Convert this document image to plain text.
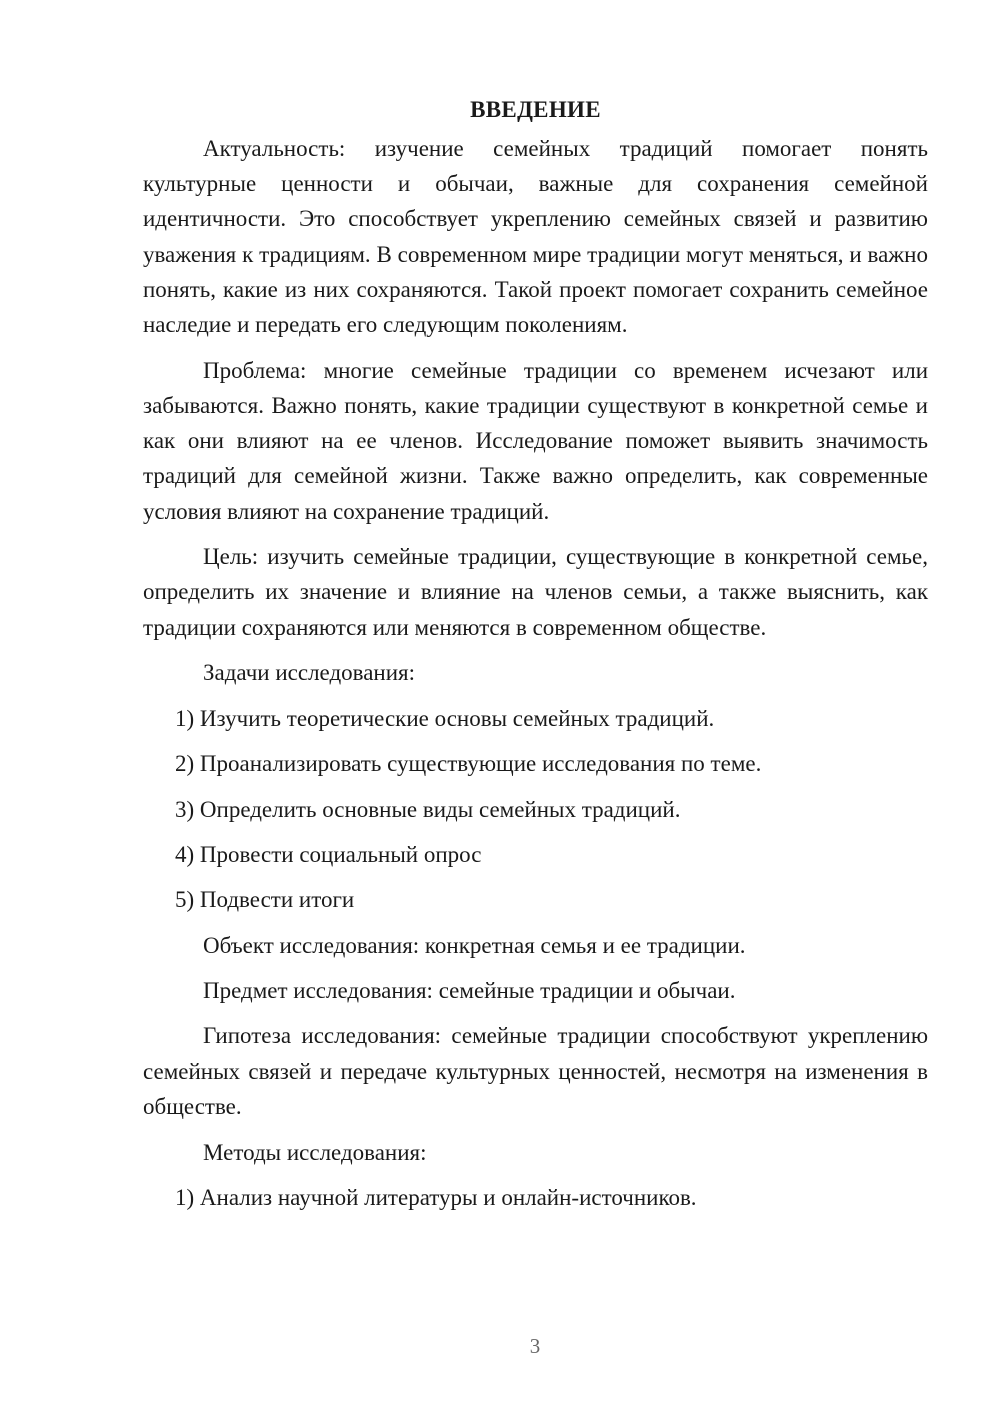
ВВЕДЕНИЕ

Актуальность: изучение семейных традиций помогает понять культурные ценности и обычаи, важные для сохранения семейной идентичности. Это способствует укреплению семейных связей и развитию уважения к традициям. В современном мире традиции могут меняться, и важно понять, какие из них сохраняются. Такой проект помогает сохранить семейное наследие и передать его следующим поколениям.

Проблема: многие семейные традиции со временем исчезают или забываются. Важно понять, какие традиции существуют в конкретной семье и как они влияют на ее членов. Исследование поможет выявить значимость традиций для семейной жизни. Также важно определить, как современные условия влияют на сохранение традиций.

Цель: изучить семейные традиции, существующие в конкретной семье, определить их значение и влияние на членов семьи, а также выяснить, как традиции сохраняются или меняются в современном обществе.

Задачи исследования:
1) Изучить теоретические основы семейных традиций.
2) Проанализировать существующие исследования по теме.
3) Определить основные виды семейных традиций.
4) Провести социальный опрос
5) Подвести итоги
Объект исследования: конкретная семья и ее традиции.
Предмет исследования: семейные традиции и обычаи.

Гипотеза исследования: семейные традиции способствуют укреплению семейных связей и передаче культурных ценностей, несмотря на изменения в обществе.

Методы исследования:
1) Анализ научной литературы и онлайн-источников.
3
